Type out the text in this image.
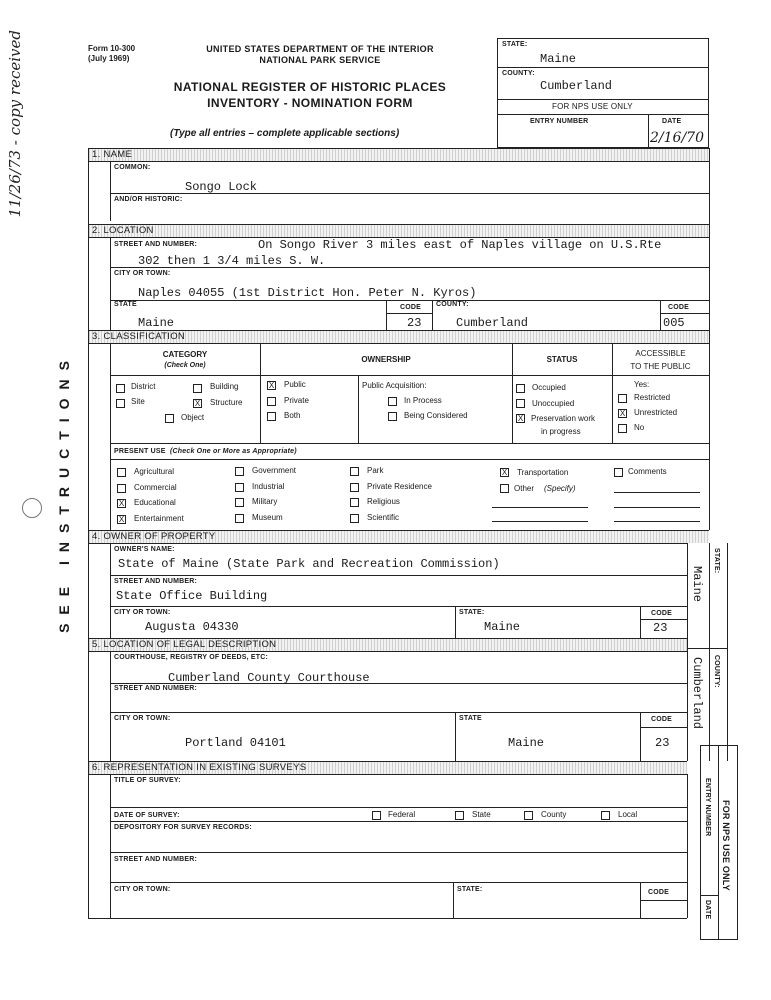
Form 10-300
(July 1969)
UNITED STATES DEPARTMENT OF THE INTERIOR
NATIONAL PARK SERVICE
NATIONAL REGISTER OF HISTORIC PLACES
INVENTORY - NOMINATION FORM
(Type all entries – complete applicable sections)
11/26/73 - copy received
SEE INSTRUCTIONS
STATE:
Maine
COUNTY:
Cumberland
FOR NPS USE ONLY
ENTRY NUMBER	DATE
2/16/70
1. NAME
COMMON:
Songo Lock
AND/OR HISTORIC:
2. LOCATION
STREET AND NUMBER:	On Songo River 3 miles east of Naples village on U.S.Rte
302 then 1 3/4 miles S. W.
CITY OR TOWN:
Naples 04055 (1st District Hon. Peter N. Kyros)
STATE
Maine
CODE
23
COUNTY:
Cumberland
CODE
005
3. CLASSIFICATION
CATEGORY
(Check One)
OWNERSHIP	STATUS
ACCESSIBLE
TO THE PUBLIC
District	Building
Site	X Structure
Object
X Public
Private
Both
Public Acquisition:
In Process
Being Considered
Occupied
Unoccupied
X Preservation work
in progress
Yes:
Restricted
X Unrestricted
No
PRESENT USE (Check One or More as Appropriate)
Agricultural
Commercial
X Educational
X Entertainment
Government
Industrial
Military
Museum
Park
Private Residence
Religious
Scientific
X Transportation
Other (Specify)
Comments
4. OWNER OF PROPERTY
OWNER'S NAME:
State of Maine (State Park and Recreation Commission)
STREET AND NUMBER:
State Office Building
CITY OR TOWN:
Augusta 04330
STATE:
Maine
CODE
23
STATE:
Maine
5. LOCATION OF LEGAL DESCRIPTION
COURTHOUSE, REGISTRY OF DEEDS, ETC:
Cumberland County Courthouse
STREET AND NUMBER:
CITY OR TOWN:
Portland 04101
STATE
Maine
CODE
23
COUNTY:
Cumberland
6. REPRESENTATION IN EXISTING SURVEYS
TITLE OF SURVEY:
DATE OF SURVEY:	Federal	State	County	Local
DEPOSITORY FOR SURVEY RECORDS:
STREET AND NUMBER:
CITY OR TOWN:	STATE:	CODE
ENTRY NUMBER FOR NPS USE ONLY
DATE
